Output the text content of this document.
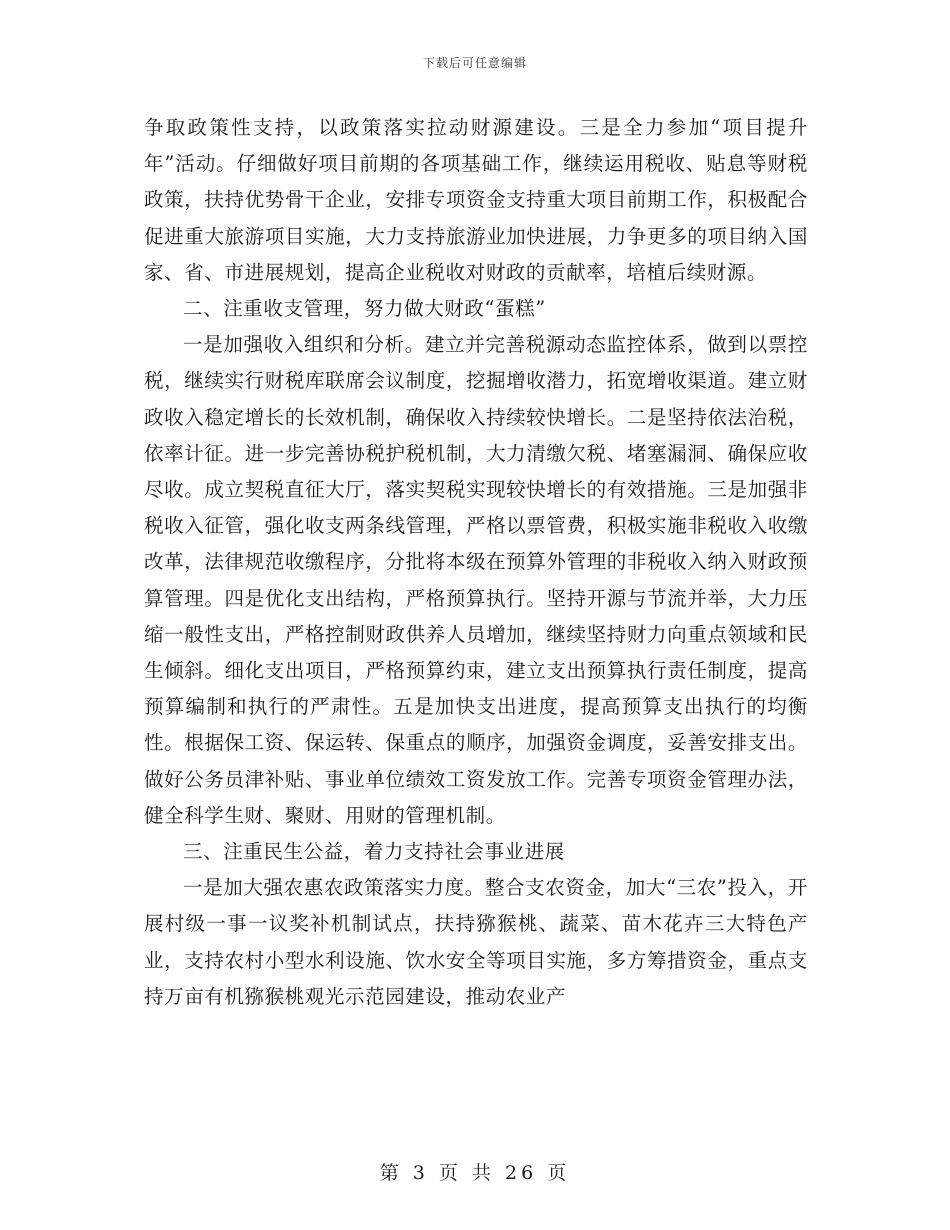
下载后可任意编辑

争取政策性支持，以政策落实拉动财源建设。三是全力参加“项目提升年”活动。仔细做好项目前期的各项基础工作，继续运用税收、贴息等财税政策，扶持优势骨干企业，安排专项资金支持重大项目前期工作，积极配合促进重大旅游项目实施，大力支持旅游业加快进展，力争更多的项目纳入国家、省、市进展规划，提高企业税收对财政的贡献率，培植后续财源。

二、注重收支管理，努力做大财政“蛋糕”

一是加强收入组织和分析。建立并完善税源动态监控体系，做到以票控税，继续实行财税库联席会议制度，挖掘增收潜力，拓宽增收渠道。建立财政收入稳定增长的长效机制，确保收入持续较快增长。二是坚持依法治税，依率计征。进一步完善协税护税机制，大力清缴欠税、堵塞漏洞、确保应收尽收。成立契税直征大厅，落实契税实现较快增长的有效措施。三是加强非税收入征管，强化收支两条线管理，严格以票管费，积极实施非税收入收缴改革，法律规范收缴程序，分批将本级在预算外管理的非税收入纳入财政预算管理。四是优化支出结构，严格预算执行。坚持开源与节流并举，大力压缩一般性支出，严格控制财政供养人员增加，继续坚持财力向重点领域和民生倾斜。细化支出项目，严格预算约束，建立支出预算执行责任制度，提高预算编制和执行的严肃性。五是加快支出进度，提高预算支出执行的均衡性。根据保工资、保运转、保重点的顺序，加强资金调度，妥善安排支出。做好公务员津补贴、事业单位绩效工资发放工作。完善专项资金管理办法，健全科学生财、聚财、用财的管理机制。

三、注重民生公益，着力支持社会事业进展

一是加大强农惠农政策落实力度。整合支农资金，加大“三农”投入，开展村级一事一议奖补机制试点，扶持猕猴桃、蔬菜、苗木花卉三大特色产业，支持农村小型水利设施、饮水安全等项目实施，多方筹措资金，重点支持万亩有机猕猴桃观光示范园建设，推动农业产

第 3 页 共 26 页
